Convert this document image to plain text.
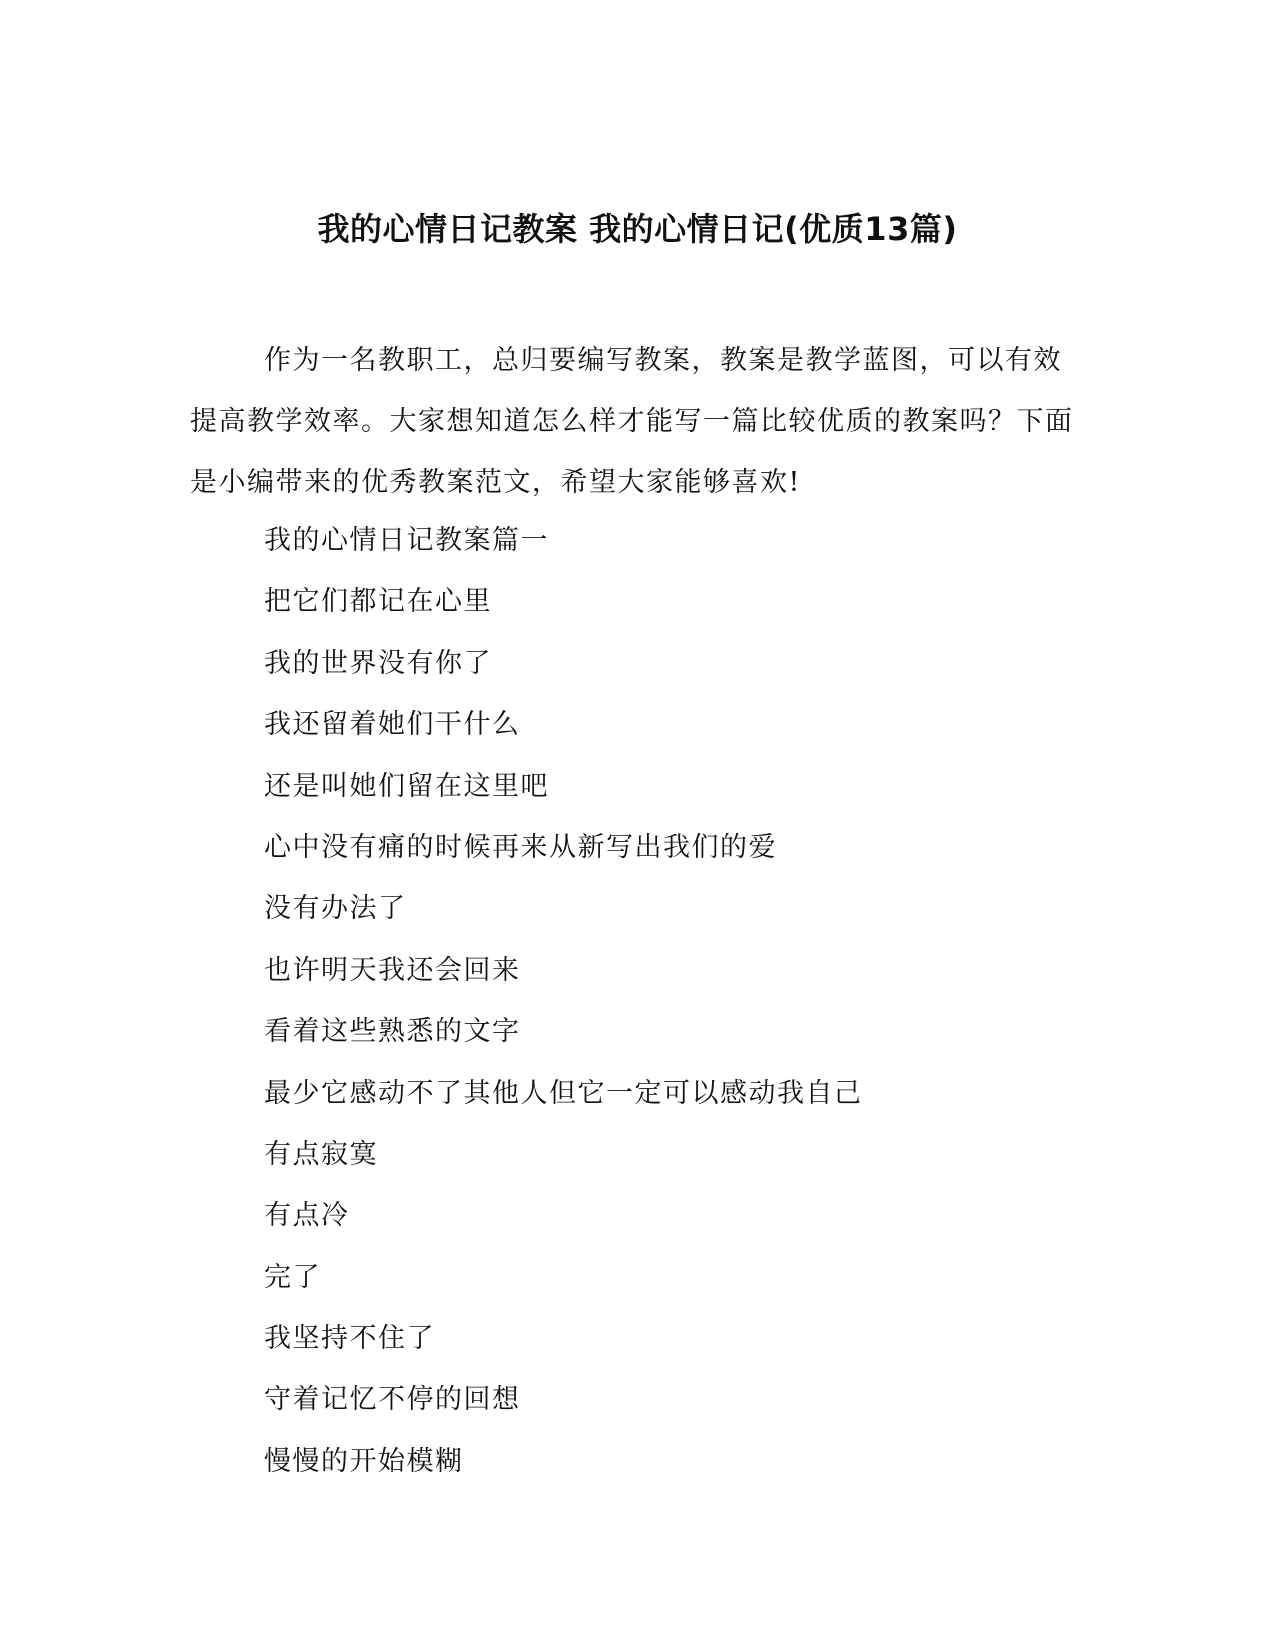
我的心情日记教案 我的心情日记(优质13篇)

作为一名教职工，总归要编写教案，教案是教学蓝图，可以有效提高教学效率。大家想知道怎么样才能写一篇比较优质的教案吗？下面是小编带来的优秀教案范文，希望大家能够喜欢!

我的心情日记教案篇一
把它们都记在心里
我的世界没有你了
我还留着她们干什么
还是叫她们留在这里吧
心中没有痛的时候再来从新写出我们的爱
没有办法了
也许明天我还会回来
看着这些熟悉的文字
最少它感动不了其他人但它一定可以感动我自己
有点寂寞
有点冷
完了
我坚持不住了
守着记忆不停的回想
慢慢的开始模糊
